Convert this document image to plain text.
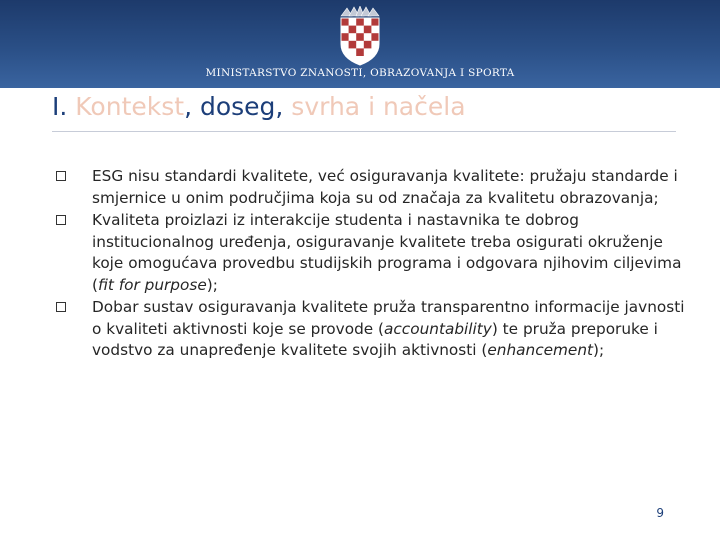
MINISTARSTVO ZNANOSTI, OBRAZOVANJA I SPORTA
I. Kontekst, doseg, svrha i načela
ESG nisu standardi kvalitete, već osiguravanja kvalitete: pružaju standarde i smjernice u onim područjima koja su od značaja za kvalitetu obrazovanja;
Kvaliteta proizlazi iz interakcije studenta i nastavnika te dobrog institucionalnog uređenja, osiguravanje kvalitete treba osigurati okruženje koje omogućava provedbu studijskih programa i odgovara njihovim ciljevima (fit for purpose);
Dobar sustav osiguravanja kvalitete pruža transparentno informacije javnosti o kvaliteti aktivnosti koje se provode (accountability) te pruža preporuke i vodstvo za unapređenje kvalitete svojih aktivnosti (enhancement);
9
